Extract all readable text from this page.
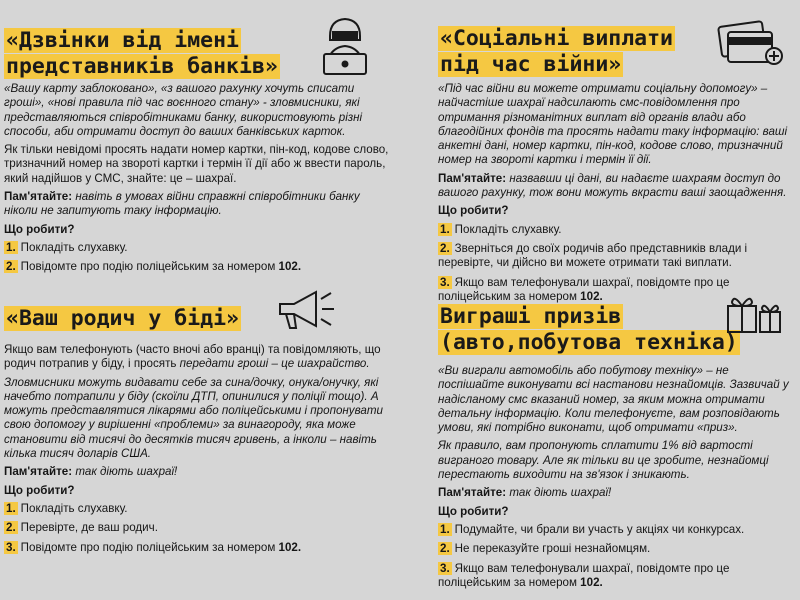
«Дзвінки від імені
представників банків»

«Вашу карту заблоковано», «з вашого рахунку хочуть списати гроші», «нові правила під час воєнного стану» - зловмисники, які представляються співробітниками банку, використовують різні способи, аби отримати доступ до ваших банківських карток.

Як тільки невідомі просять надати номер картки, пін-код, кодове слово, тризначний номер на звороті картки і термін її дії або ж ввести пароль, який надійшов у СМС, знайте: це – шахраї.

Пам'ятайте: навіть в умовах війни справжні співробітники банку ніколи не запитують таку інформацію.

Що робити?

1. Покладіть слухавку.
2. Повідомте про подію поліцейським за номером 102.
«Ваш родич у біді»

Якщо вам телефонують (часто вночі або вранці) та повідомляють, що родич потрапив у біду, і просять передати гроші – це шахрайство.

Зловмисники можуть видавати себе за сина/дочку, онука/онучку, які начебто потрапили у біду (скоїли ДТП, опинилися у поліції тощо). А можуть представлятися лікарями або поліцейськими і пропонувати свою допомогу у вирішенні «проблеми» за винагороду, яка може становити від тисячі до десятків тисяч гривень, а інколи – навіть кілька тисяч доларів США.

Пам'ятайте: так діють шахраї!

Що робити?

1. Покладіть слухавку.
2. Перевірте, де ваш родич.
3. Повідомте про подію поліцейським за номером 102.
«Соціальні виплати
під час війни»

«Під час війни ви можете отримати соціальну допомогу» – найчастіше шахраї надсилають смс-повідомлення про отримання різноманітних виплат від органів влади або благодійних фондів та просять надати таку інформацію: ваші анкетні дані, номер картки, пін-код, кодове слово, тризначний номер на звороті картки і термін її дії.

Пам'ятайте: назвавши ці дані, ви надаєте шахраям доступ до вашого рахунку, тож вони можуть вкрасти ваші заощадження.

Що робити?

1. Покладіть слухавку.
2. Зверніться до своїх родичів або представників влади і перевірте, чи дійсно ви можете отримати такі виплати.
3. Якщо вам телефонували шахраї, повідомте про це поліцейським за номером 102.
Виграші призів
(авто,побутова техніка)

«Ви виграли автомобіль або побутову техніку» – не поспішайте виконувати всі настанови незнайомців. Зазвичай у надісланому смс вказаний номер, за яким можна отримати детальну інформацію. Коли телефонуєте, вам розповідають умови, які потрібно виконати, щоб отримати «приз».

Як правило, вам пропонують сплатити 1% від вартості виграного товару. Але як тільки ви це зробите, незнайомці перестають виходити на зв'язок і зникають.

Пам'ятайте: так діють шахраї!

Що робити?

1. Подумайте, чи брали ви участь у акціях чи конкурсах.
2. Не переказуйте гроші незнайомцям.
3. Якщо вам телефонували шахраї, повідомте про це поліцейським за номером 102.
